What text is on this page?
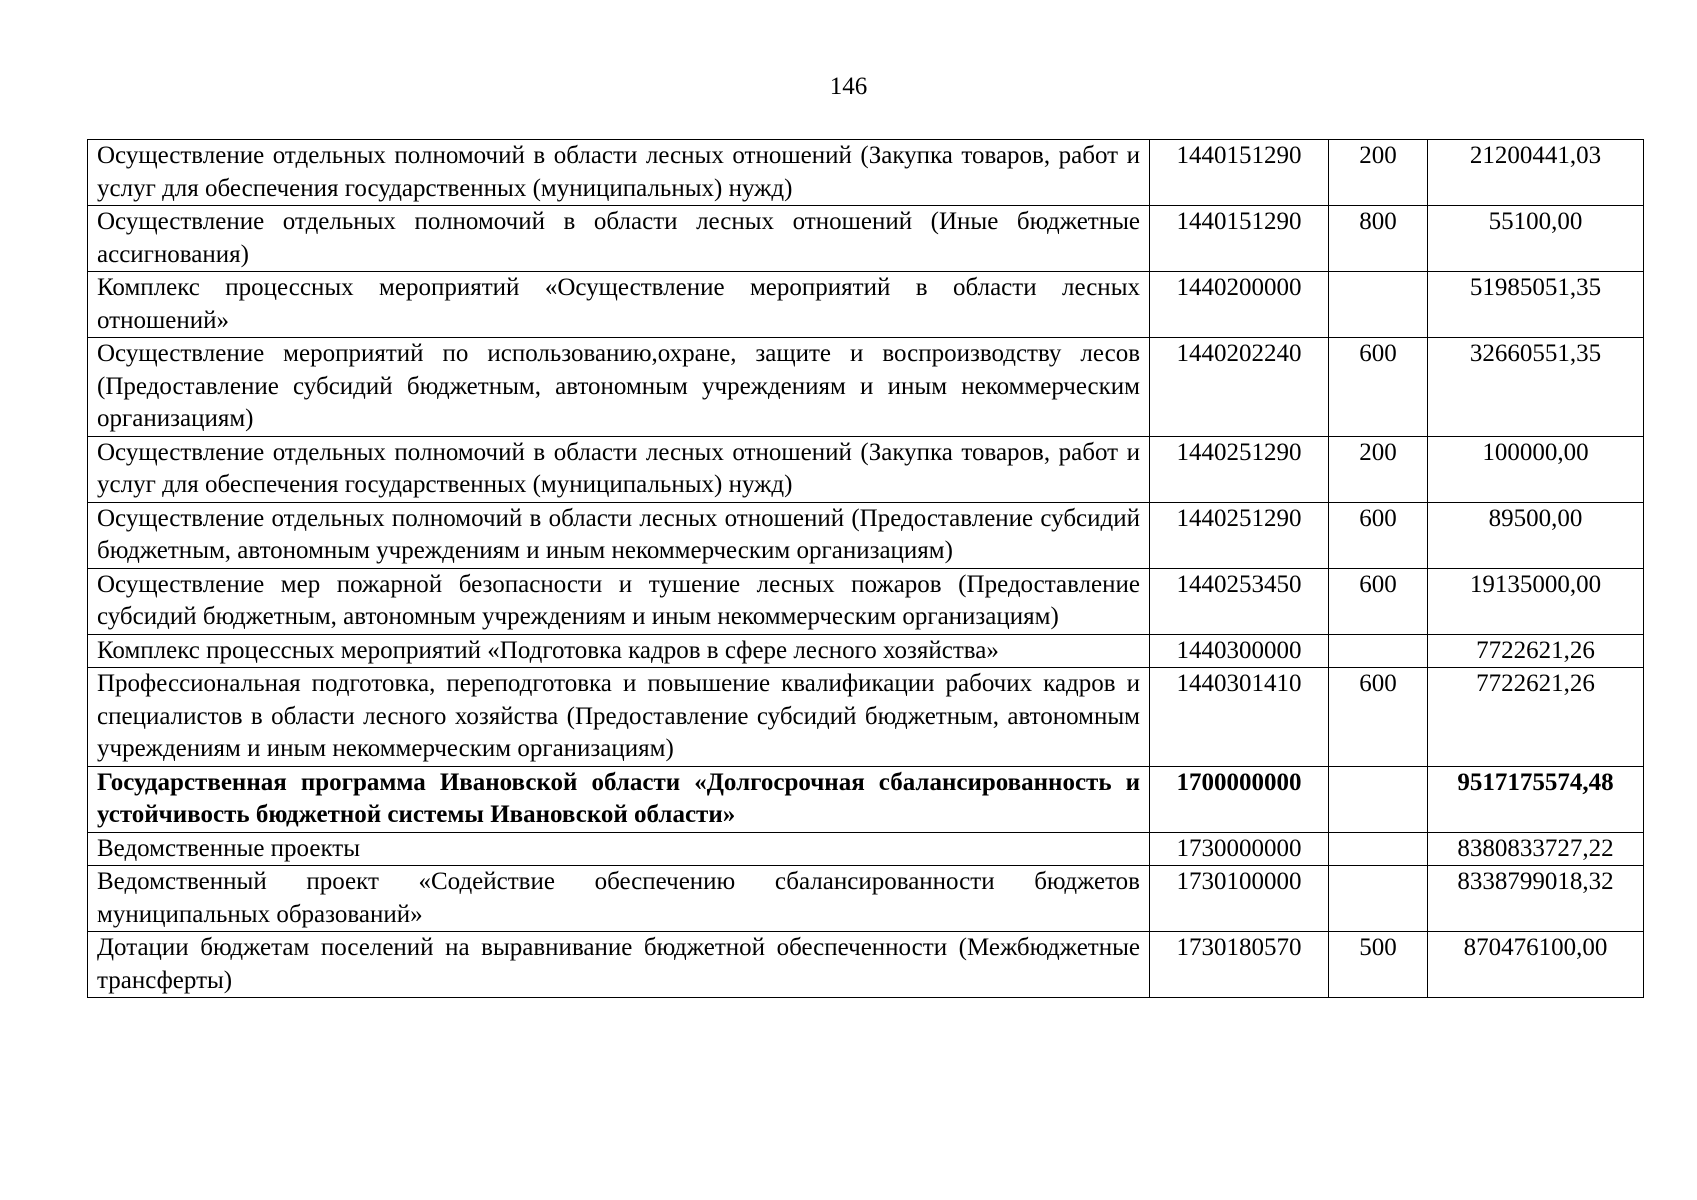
146
Осуществление отдельных полномочий в области лесных отношений (Закупка товаров, работ и услуг для обеспечения государственных (муниципальных) нужд)	1440151290	200	21200441,03
Осуществление отдельных полномочий в области лесных отношений (Иные бюджетные ассигнования)	1440151290	800	55100,00
Комплекс процессных мероприятий «Осуществление мероприятий в области лесных отношений»	1440200000		51985051,35
Осуществление мероприятий по использованию,охране, защите и воспроизводству лесов (Предоставление субсидий бюджетным, автономным учреждениям и иным некоммерческим организациям)	1440202240	600	32660551,35
Осуществление отдельных полномочий в области лесных отношений (Закупка товаров, работ и услуг для обеспечения государственных (муниципальных) нужд)	1440251290	200	100000,00
Осуществление отдельных полномочий в области лесных отношений (Предоставление субсидий бюджетным, автономным учреждениям и иным некоммерческим организациям)	1440251290	600	89500,00
Осуществление мер пожарной безопасности и тушение лесных пожаров (Предоставление субсидий бюджетным, автономным учреждениям и иным некоммерческим организациям)	1440253450	600	19135000,00
Комплекс процессных мероприятий «Подготовка кадров в сфере лесного хозяйства»	1440300000		7722621,26
Профессиональная подготовка, переподготовка и повышение квалификации рабочих кадров и специалистов в области лесного хозяйства (Предоставление субсидий бюджетным, автономным учреждениям и иным некоммерческим организациям)	1440301410	600	7722621,26
Государственная программа Ивановской области «Долгосрочная сбалансированность и устойчивость бюджетной системы Ивановской области»	1700000000		9517175574,48
Ведомственные проекты	1730000000		8380833727,22
Ведомственный проект «Содействие обеспечению сбалансированности бюджетов муниципальных образований»	1730100000		8338799018,32
Дотации бюджетам поселений на выравнивание бюджетной обеспеченности (Межбюджетные трансферты)	1730180570	500	870476100,00
